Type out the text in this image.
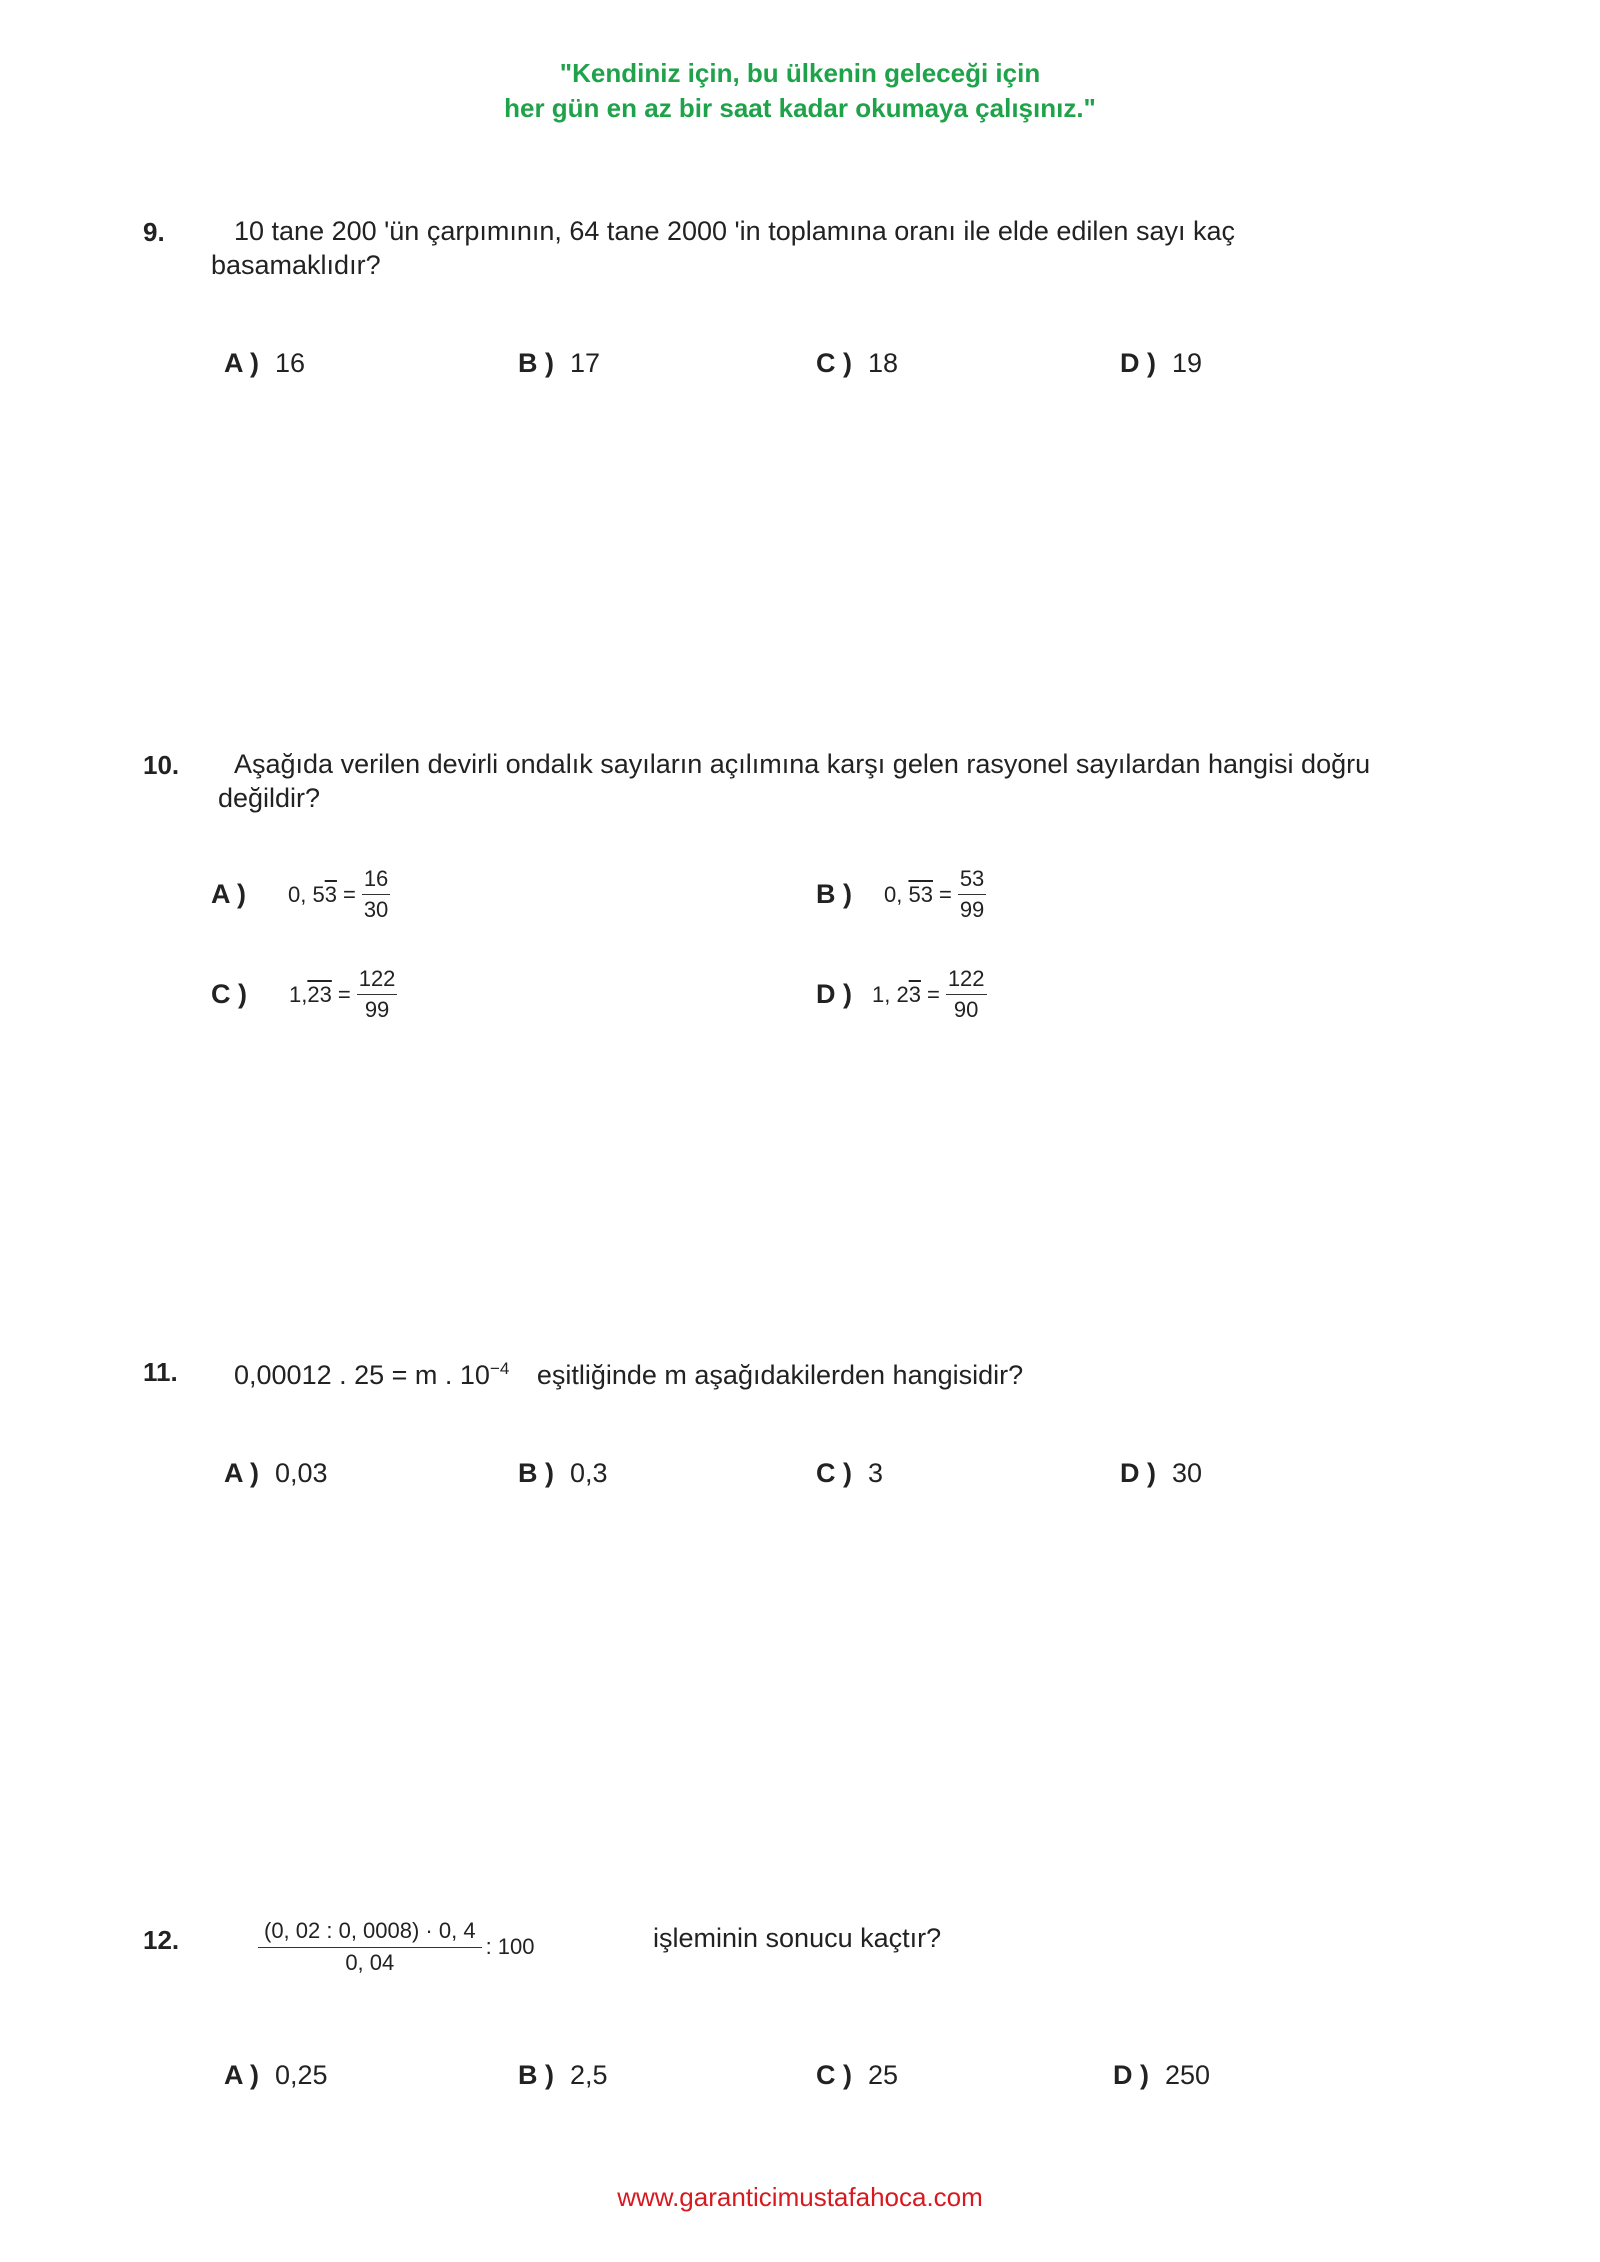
"Kendiniz için, bu ülkenin geleceği için
her gün en az bir saat kadar okumaya çalışınız."
9.	10 tane 200 'ün çarpımının, 64 tane 2000 'in toplamına oranı ile elde edilen sayı kaç
basamaklıdır?
A ) 16	B ) 17	C ) 18	D ) 19
10. Aşağıda verilen devirli ondalık sayıların açılımına karşı gelen rasyonel sayılardan hangisi doğru
değildir?
A ) 0, $53 = \frac{16}{30}$	B ) 0, $53 = \frac{53}{99}$
C ) $1,23 = \frac{122}{99}$	D ) 1, $23 = \frac{122}{90}$
11. 0,00012 . 25 = m . $10^{-4}$ eşitliğinde m aşağıdakilerden hangisidir?
A ) 0,03	B ) 0,3	C ) 3	D ) 30
12.	$\frac{(0, 02 : 0, 0008) \cdot 0, 4}{0, 04}$ : 100	işleminin sonucu kaçtır?
A ) 0,25	B ) 2,5	C ) 25	D ) 250
www.garanticimustafahoca.com
